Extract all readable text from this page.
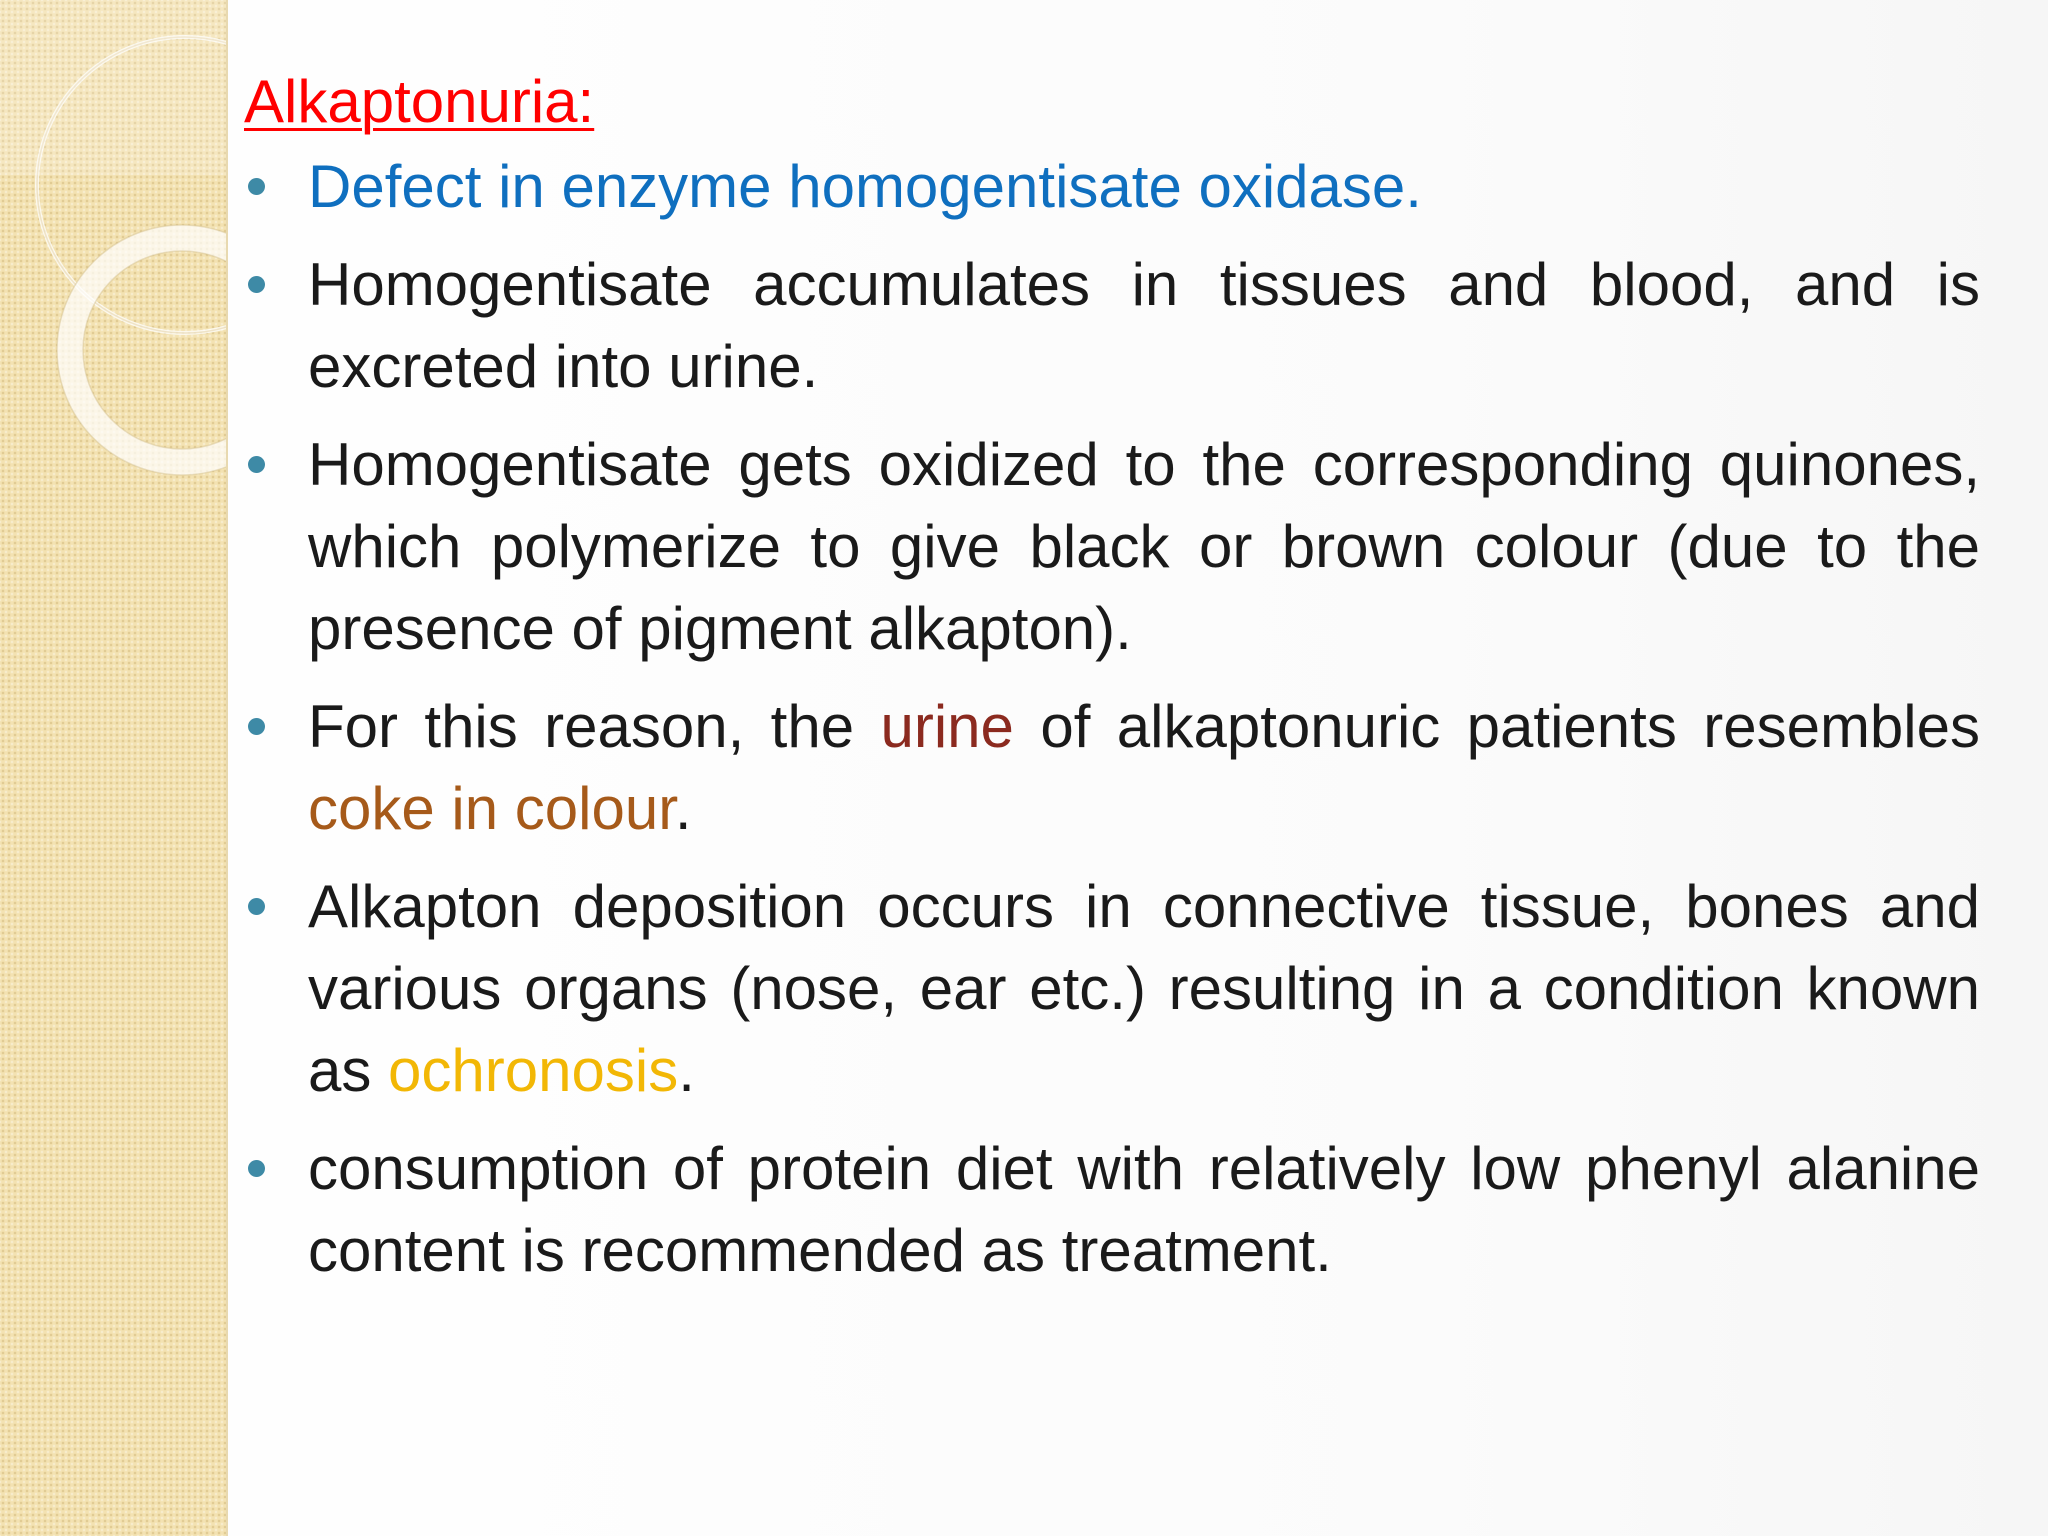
Alkaptonuria:
Defect in enzyme homogentisate oxidase.
Homogentisate accumulates in tissues and blood, and is excreted into urine.
Homogentisate gets oxidized to the corresponding quinones, which polymerize to give black or brown colour (due to the presence of pigment alkapton).
For this reason, the urine of alkaptonuric patients resembles coke in colour.
Alkapton deposition occurs in connective tissue, bones and various organs (nose, ear etc.) resulting in a condition known as ochronosis.
consumption of protein diet with relatively low phenyl alanine content is recommended as treatment.
